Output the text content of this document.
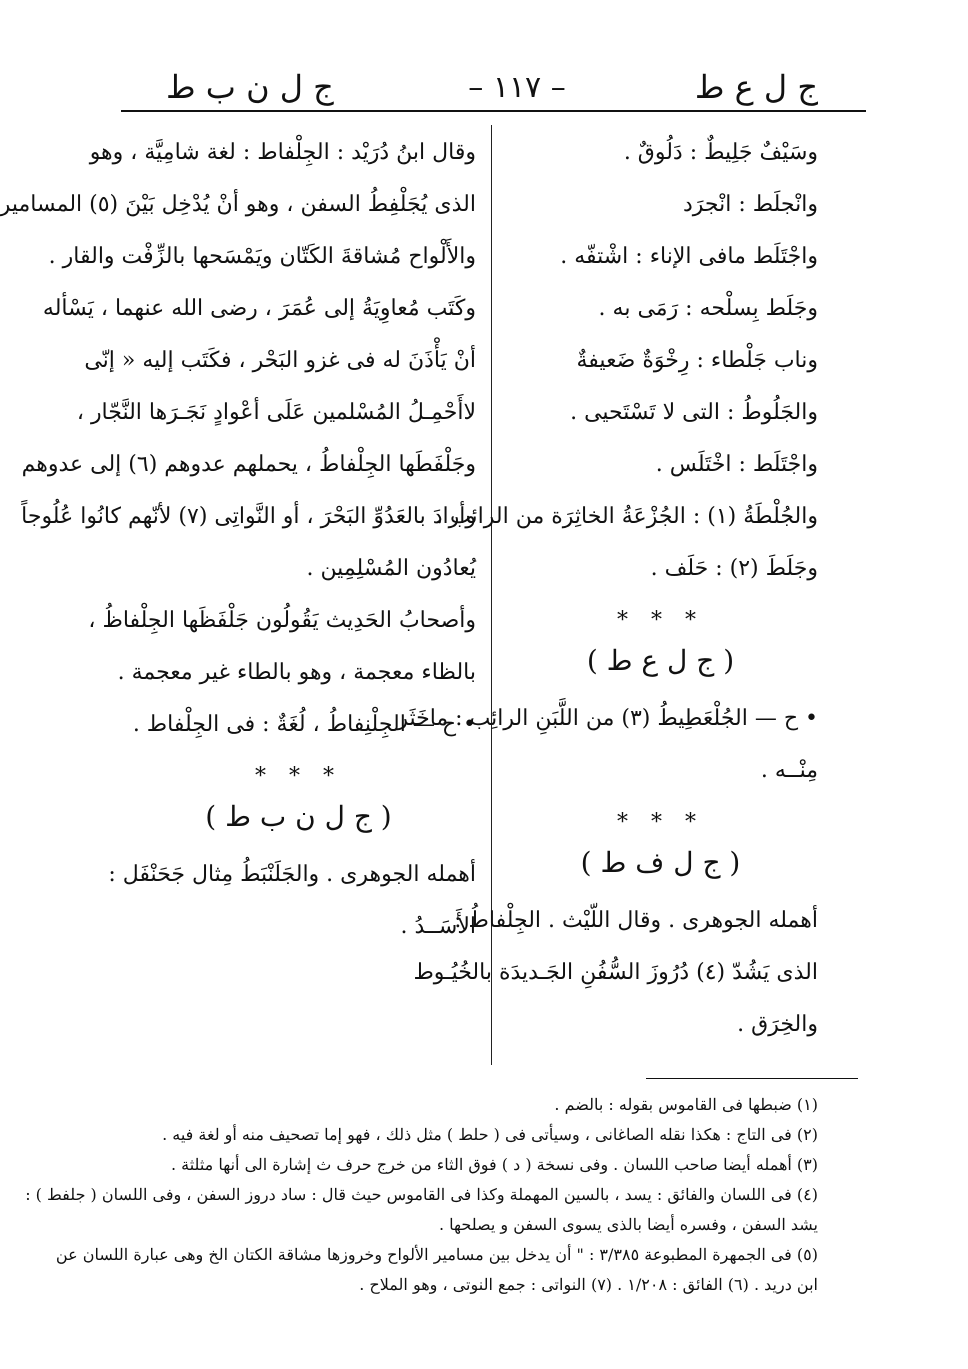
ج ل ع ط
– ١١٧ –
ج ل ن ب ط
وسَيْفٌ جَلِيطٌ : دَلُوقٌ .
وانْجلَط : انْجرَد
واجْتَلَط مافى الإناء : اشْتفّه .
وجَلَط بِسلْحه : رَمَى به .
وناب جَلْطاء : رِخْوَةٌ ضَعيفةٌ
والجَلُوطُ : التى لا تَسْتَحيى .
واجْتَلَط : اخْتَلَس .
والجُلْطَةُ (١) : الجُزْعَةُ الخاثِرَة من الرائب .
وجَلَطَ (٢) : حَلَف .
* * *
( ج ل ع ط )
• ح — الجُلْعَطِيطُ (٣) من اللَّبَنِ الرائِب : ماخَثَر
مِنْــه .
* * *
( ج ل ف ط )
أهمله الجوهرى . وقال اللّيْث . الجِلْفاطُ :
الذى يَشُدّ (٤) دُرُوزَ السُّفُنِ الجَـديدَة بالخُيُـوط
والخِرَق .
وقال ابنُ دُرَيْد : الجِلْفاط : لغة شامِيَّة ، وهو
الذى يُجَلْفِطُ السفن ، وهو أنْ يُدْخِل بَيْنَ (٥) المسامير
والأَلْواح مُشاقةَ الكَتّان ويَمْسَحها بالزِّفْت والقار .
وكَتَب مُعاوِيَةُ إلى عُمَرَ ، رضى الله عنهما ، يَسْأله
أنْ يَأْذَنَ له فى غزو البَحْر ، فكَتَب إليه « إنّى
لاأَحْمِـلُ المُسْلمين عَلَى أعْوادٍ نَجَـرَها النَّجّار ،
وجَلْفَطَها الجِلْفاطُ ، يحملهم عدوهم (٦) إلى عدوهم
وأرادَ بالعَدُوِّ البَحْرَ ، أو النَّواتِى (٧) لأنّهم كانُوا عُلُوجاً
يُعادُون المُسْلِمِين .
وأصحابُ الحَدِيث يَقُولُون جَلْفَظَها الجِلْفاظُ ،
بالظاء معجمة ، وهو بالطاء غير معجمة .
• ح — الجِلْنِفاطُ ، لُغَةٌ : فى الجِلْفاط .
* * *
( ج ل ن ب ط )
أهمله الجوهرى . والجَلَنْبَطُ مِثال جَحَنْفَل :
الأَسَــدُ .
(١) ضبطها فى القاموس بقوله : بالضم .
(٢) فى التاج : هكذا نقله الصاغانى ، وسيأتى فى ( حلط ) مثل ذلك ، فهو إما تصحيف منه أو لغة فيه .
(٣) أهمله أيضا صاحب اللسان . وفى نسخة ( د ) فوق الثاء من خرج حرف ث إشارة الى أنها مثلثة .
(٤) فى اللسان والفائق : يسد ، بالسين المهملة وكذا فى القاموس حيث قال : ساد دروز السفن ، وفى اللسان ( جلفط ) :
يشد السفن ، وفسره أيضا بالذى يسوى السفن و يصلحها .
(٥) فى الجمهرة المطبوعة ٣/٣٨٥ : " أن يدخل بين مسامير الألواح وخروزها مشاقة الكتان الخ وهى عبارة اللسان عن
ابن دريد . (٦) الفائق : ١/٢٠٨ . (٧) النواتى : جمع النوتى ، وهو الملاح .
